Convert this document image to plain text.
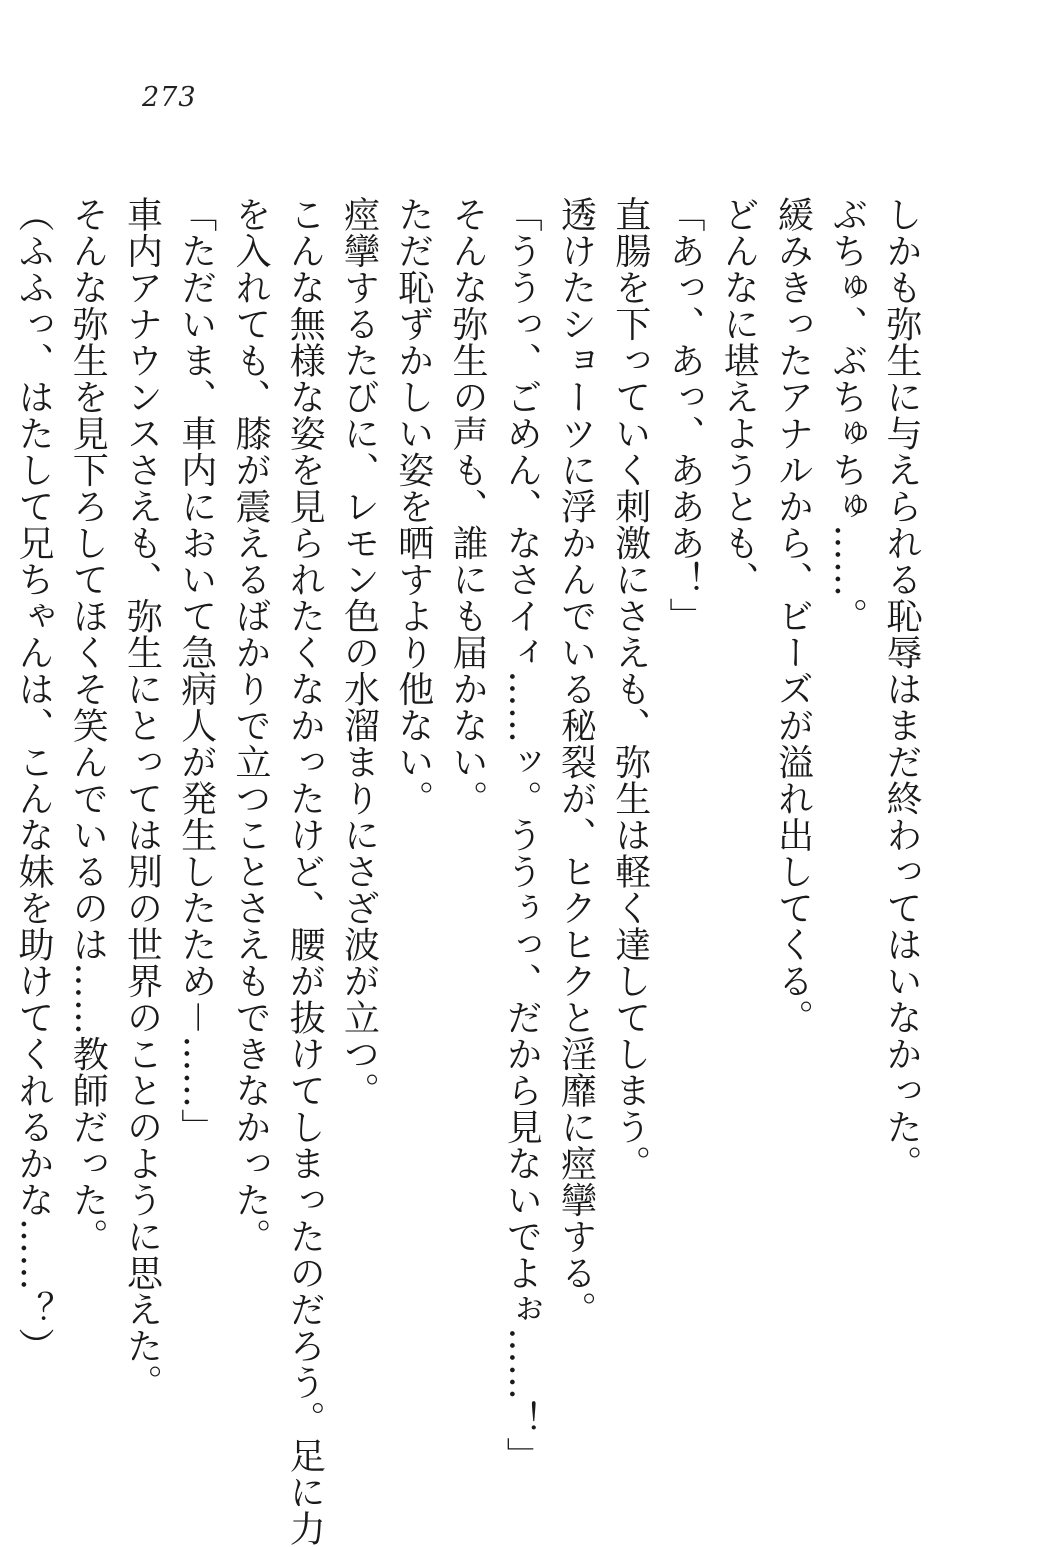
273
しかも弥生に与えられる恥辱はまだ終わってはいなかった。
ぶちゅ、ぶちゅちゅ……。
緩みきったアナルから、ビーズが溢れ出してくる。
どんなに堪えようとも、
「あっ、あっ、あああ！」
直腸を下っていく刺激にさえも、弥生は軽く達してしまう。
透けたショーツに浮かんでいる秘裂が、ヒクヒクと淫靡に痙攣する。
「ううっ、ごめん、なさイィ……ッ。ううぅっ、だから見ないでよぉ……！」
そんな弥生の声も、誰にも届かない。
ただ恥ずかしい姿を晒すより他ない。
痙攣するたびに、レモン色の水溜まりにさざ波が立つ。
こんな無様な姿を見られたくなかったけど、腰が抜けてしまったのだろう。足に力
を入れても、膝が震えるばかりで立つことさえもできなかった。
「ただいま、車内において急病人が発生したため－……」
車内アナウンスさえも、弥生にとっては別の世界のことのように思えた。
そんな弥生を見下ろしてほくそ笑んでいるのは……教師だった。
（ふふっ、はたして兄ちゃんは、こんな妹を助けてくれるかな……？）
